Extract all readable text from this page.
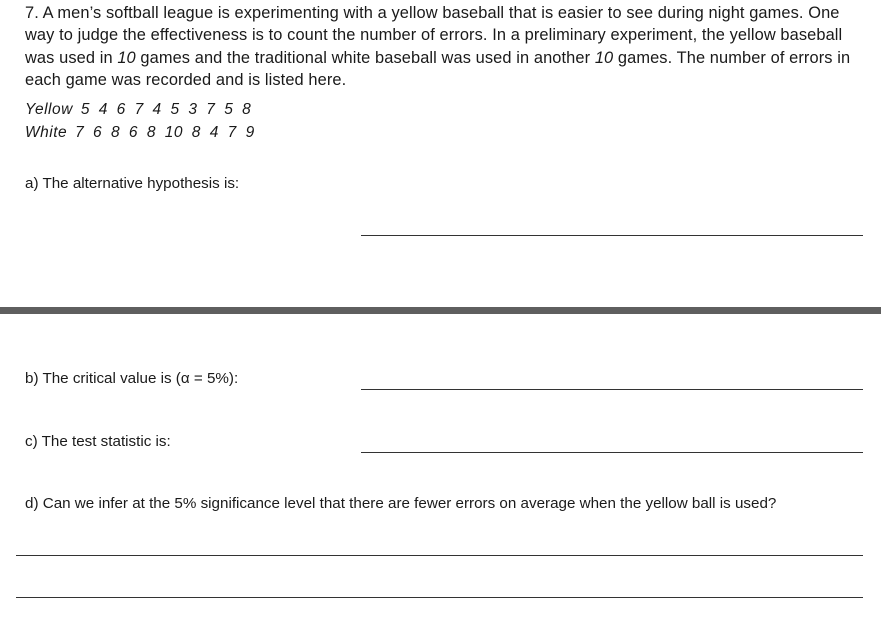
7. A men’s softball league is experimenting with a yellow baseball that is easier to see during night games. One way to judge the effectiveness is to count the number of errors. In a preliminary experiment, the yellow baseball was used in 10 games and the traditional white baseball was used in another 10 games. The number of errors in each game was recorded and is listed here.
Yellow 5 4 6 7 4 5 3 7 5 8
White 7 6 8 6 8 10 8 4 7 9
a) The alternative hypothesis is:
b) The critical value is (α = 5%):
c) The test statistic is:
d) Can we infer at the 5% significance level that there are fewer errors on average when the yellow ball is used?
